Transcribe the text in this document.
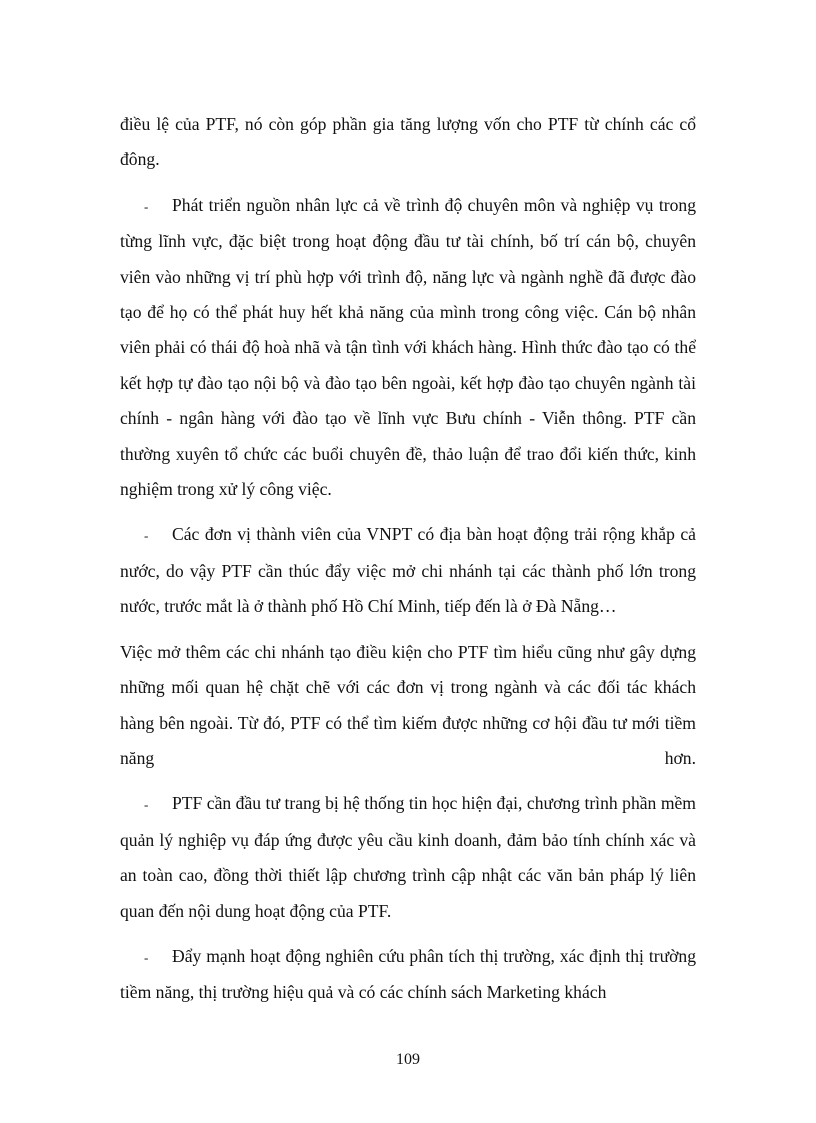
điều lệ của PTF, nó còn góp phần gia tăng lượng vốn cho PTF từ chính các cổ đông.

- Phát triển nguồn nhân lực cả về trình độ chuyên môn và nghiệp vụ trong từng lĩnh vực, đặc biệt trong hoạt động đầu tư tài chính, bố trí cán bộ, chuyên viên vào những vị trí phù hợp với trình độ, năng lực và ngành nghề đã được đào tạo để họ có thể phát huy hết khả năng của mình trong công việc. Cán bộ nhân viên phải có thái độ hoà nhã và tận tình với khách hàng. Hình thức đào tạo có thể kết hợp tự đào tạo nội bộ và đào tạo bên ngoài, kết hợp đào tạo chuyên ngành tài chính - ngân hàng với đào tạo về lĩnh vực Bưu chính - Viễn thông. PTF cần thường xuyên tổ chức các buổi chuyên đề, thảo luận để trao đổi kiến thức, kinh nghiệm trong xử lý công việc.

- Các đơn vị thành viên của VNPT có địa bàn hoạt động trải rộng khắp cả nước, do vậy PTF cần thúc đẩy việc mở chi nhánh tại các thành phố lớn trong nước, trước mắt là ở thành phố Hồ Chí Minh, tiếp đến là ở Đà Nẵng…

Việc mở thêm các chi nhánh tạo điều kiện cho PTF tìm hiểu cũng như gây dựng những mối quan hệ chặt chẽ với các đơn vị trong ngành và các đối tác khách hàng bên ngoài. Từ đó, PTF có thể tìm kiếm được những cơ hội đầu tư mới tiềm năng hơn.

- PTF cần đầu tư trang bị hệ thống tin học hiện đại, chương trình phần mềm quản lý nghiệp vụ đáp ứng được yêu cầu kinh doanh, đảm bảo tính chính xác và an toàn cao, đồng thời thiết lập chương trình cập nhật các văn bản pháp lý liên quan đến nội dung hoạt động của PTF.

- Đẩy mạnh hoạt động nghiên cứu phân tích thị trường, xác định thị trường tiềm năng, thị trường hiệu quả và có các chính sách Marketing khách

109
